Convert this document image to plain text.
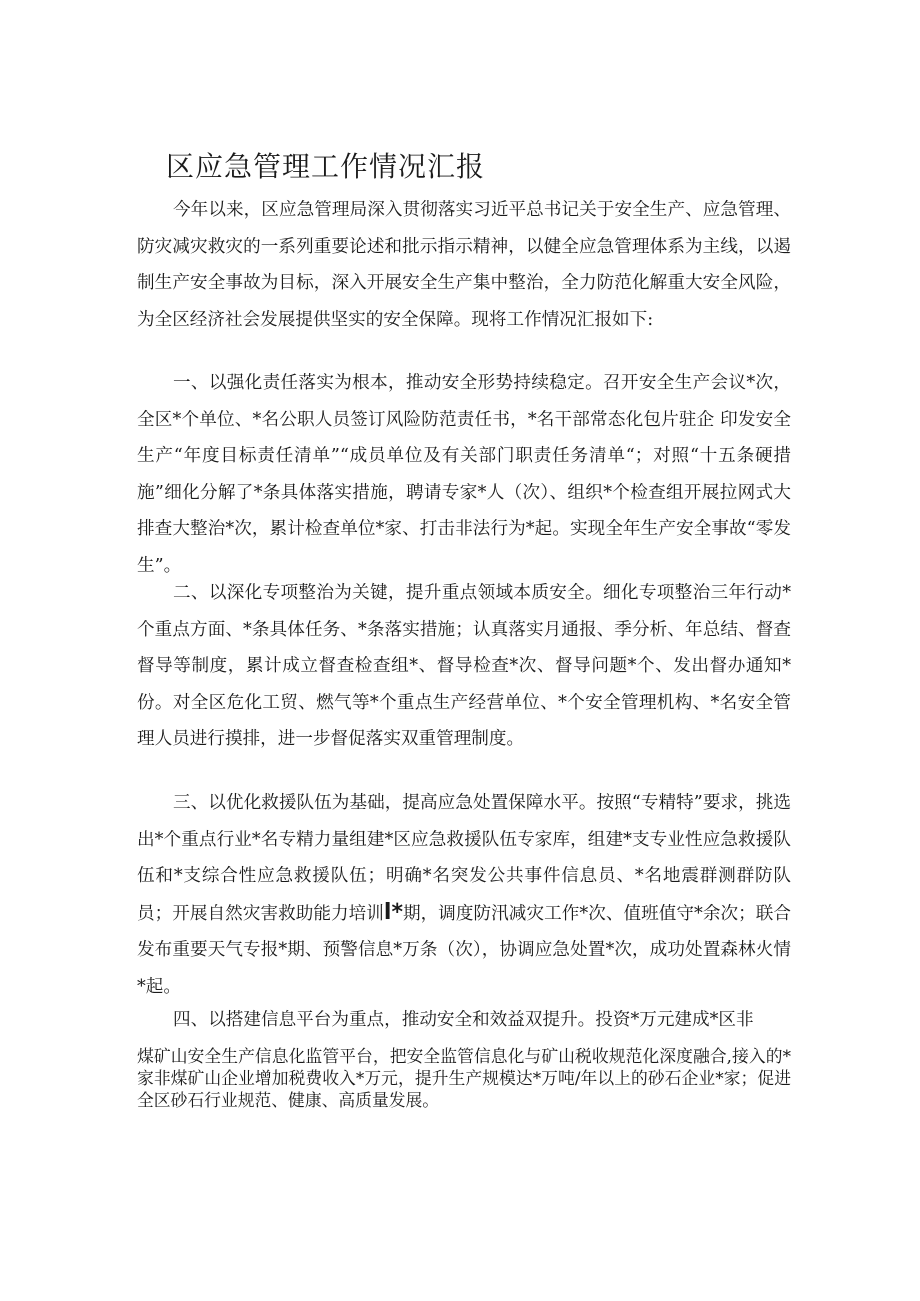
区应急管理工作情况汇报

今年以来，区应急管理局深入贯彻落实习近平总书记关于安全生产、应急管理、防灾减灾救灾的一系列重要论述和批示指示精神，以健全应急管理体系为主线，以遏制生产安全事故为目标，深入开展安全生产集中整治，全力防范化解重大安全风险，为全区经济社会发展提供坚实的安全保障。现将工作情况汇报如下:

一、以强化责任落实为根本，推动安全形势持续稳定。召开安全生产会议*次，全区*个单位、*名公职人员签订风险防范责任书，*名干部常态化包片驻企 印发安全生产“年度目标责任清单”“成员单位及有关部门职责任务清单“；对照“十五条硬措施”细化分解了*条具体落实措施，聘请专家*人（次）、组织*个检查组开展拉网式大排查大整治*次，累计检查单位*家、打击非法行为*起。实现全年生产安全事故“零发生”。

二、以深化专项整治为关键，提升重点领域本质安全。细化专项整治三年行动*个重点方面、*条具体任务、*条落实措施；认真落实月通报、季分析、年总结、督查督导等制度，累计成立督查检查组*、督导检查*次、督导问题*个、发出督办通知*份。对全区危化工贸、燃气等*个重点生产经营单位、*个安全管理机构、*名安全管理人员进行摸排，进一步督促落实双重管理制度。

三、以优化救援队伍为基础，提高应急处置保障水平。按照“专精特”要求，挑选出*个重点行业*名专精力量组建*区应急救援队伍专家库，组建*支专业性应急救援队伍和*支综合性应急救援队伍；明确*名突发公共事件信息员、*名地震群测群防队员；开展自然灾害救助能力培训l*期，调度防汛减灾工作*次、值班值守*余次；联合发布重要天气专报*期、预警信息*万条（次），协调应急处置*次，成功处置森林火情*起。

四、以搭建信息平台为重点，推动安全和效益双提升。投资*万元建成*区非
煤矿山安全生产信息化监管平台，把安全监管信息化与矿山税收规范化深度融合,接入的*家非煤矿山企业增加税费收入*万元，提升生产规模达*万吨/年以上的砂石企业*家；促进全区砂石行业规范、健康、高质量发展。
